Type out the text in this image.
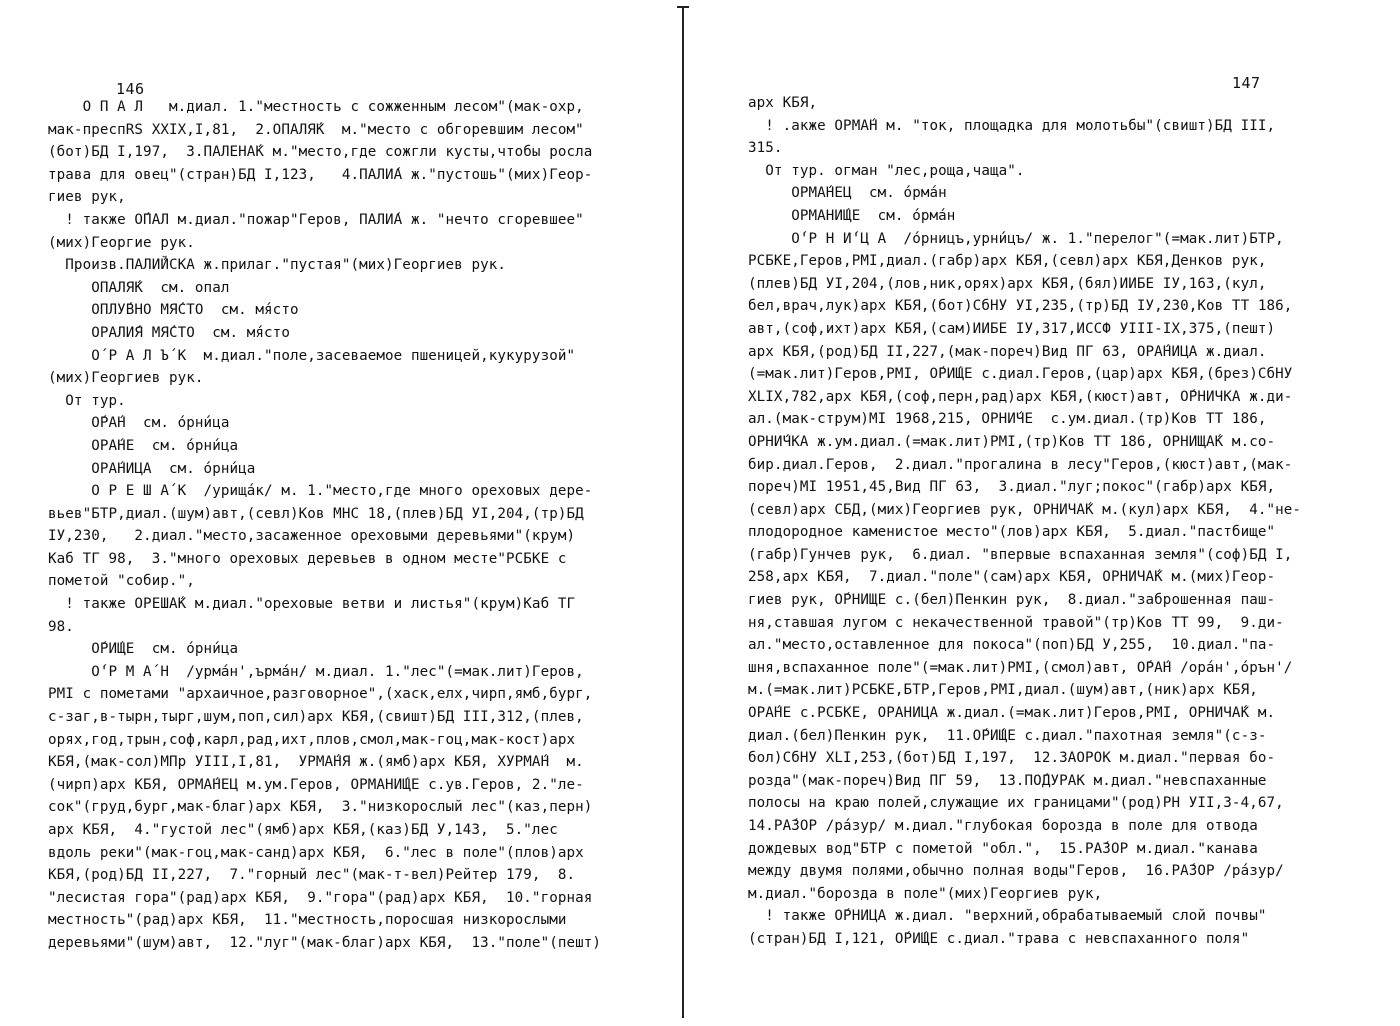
146
О П А Л   м.диал. 1."местность с сожженным лесом"(мак-охр,
мак-преспRS XXIX,I,81,  2.ОПАЛЯ́К  м."место с обгоревшим лесом"
(бот)БД I,197,  3.ПАЛЕНА́К м."место,где сожгли кусты,чтобы росла
трава для овец"(стран)БД I,123,   4.ПАЛИ́А ж."пустошь"(мих)Геор-
гиев рук,
! также О́ПАЛ м.диал."пожар"Геров, ПАЛИ́А ж. "нечто сгоревшее"
(мих)Георгие рук.
Произв.ПАЛИ́ЙСКА ж.прилаг."пустая"(мих)Георгиев рук.
ОПАЛЯ́К  см. опал
ОПЛУ́ВНО МЯ́СТО  см. мя́сто
ОРАЛИ́Я МЯ́СТО  см. мя́сто
О́ Р А Л Ъ́ К  м.диал."поле,засеваемое пшеницей,кукурузой"
(мих)Георгиев рук.
От тур.
О́РА́Н  см. о́рни́ца
ОРА́НЕ  см. о́рни́ца
ОРА́НИЦА  см. о́рни́ца
О Р Е Ш А́ К  /урища́к/ м. 1."место,где много ореховых дере-
вьев"БТР,диал.(шум)авт,(севл)Ков МНС 18,(плев)БД УI,204,(тр)БД
IУ,230,   2.диал."место,засаженное ореховыми деревьями"(крум)
Каб ТГ 98,  3."много ореховых деревьев в одном месте"РСБКЕ с
пометой "собир.",
! также ОРЕША́К м.диал."ореховые ветви и листья"(крум)Каб ТГ
98.
О́РИ́ЩЕ  см. о́рни́ца
О́'Р М А́ Н  /урма́н',ърма́н/ м.диал. 1."лес"(=мак.лит)Геров,
PMI с пометами "архаичное,разговорное",(хаск,елх,чирп,ямб,бург,
с-заг,в-тырн,тырг,шум,поп,сил)арх КБЯ,(свишт)БД III,312,(плев,
орях,год,трын,соф,карл,рад,ихт,плов,смол,мак-гоц,мак-кост)арх
КБЯ,(мак-сол)МПр УIII,I,81,  УРМА́НЯ ж.(ямб)арх КБЯ, ХУРМА́Н  м.
(чирп)арх КБЯ, ОРМА́НЕЦ м.ум.Геров, ОРМАНИ́ЩЕ с.ув.Геров, 2."ле-
сок"(груд,бург,мак-благ)арх КБЯ,  3."низкорослый лес"(каз,перн)
арх КБЯ,  4."густой лес"(ямб)арх КБЯ,(каз)БД У,143,  5."лес
вдоль реки"(мак-гоц,мак-санд)арх КБЯ,  6."лес в поле"(плов)арх
КБЯ,(род)БД II,227,  7."горный лес"(мак-т-вел)Рейтер 179,  8.
"лесистая гора"(рад)арх КБЯ,  9."гора"(рад)арх КБЯ,  10."горная
местность"(рад)арх КБЯ,  11."местность,поросшая низкорослыми
деревьями"(шум)авт,  12."луг"(мак-благ)арх КБЯ,  13."поле"(пешт)
147
арх КБЯ,
! .акже ОРМА́Н м. "ток, площадка для молотьбы"(свишт)БД III,
315.
От тур. огман "лес,роща,чаща".
ОРМА́НЕЦ  см. о́рма́н
ОРМАНИ́ЩЕ  см. о́рма́н
О́'Р Н И́'Ц А  /о́рницъ,урни́цъ/ ж. 1."перелог"(=мак.лит)БТР,
РСБКЕ,Геров,PMI,диал.(габр)арх КБЯ,(севл)арх КБЯ,Денков рук,
(плев)БД УI,204,(лов,ник,орях)арх КБЯ,(бял)ИИБЕ IУ,163,(кул,
бел,врач,лук)арх КБЯ,(бот)СбНУ УI,235,(тр)БД IУ,230,Ков ТТ 186,
авт,(соф,ихт)арх КБЯ,(сам)ИИБЕ IУ,317,ИССФ УIII-IX,375,(пешт)
арх КБЯ,(род)БД II,227,(мак-пореч)Вид ПГ 63, ОРА́НИЦА ж.диал.
(=мак.лит)Геров,PMI, О́РИ́ЩЕ с.диал.Геров,(цар)арх КБЯ,(брез)СбНУ
XLIX,782,арх КБЯ,(соф,перн,рад)арх КБЯ,(кюст)авт, О́РНИЧКА ж.ди-
ал.(мак-струм)MI 1968,215, ОРНИ́ЧЕ  с.ум.диал.(тр)Ков ТТ 186,
ОРНИ́ЧКА ж.ум.диал.(=мак.лит)PMI,(тр)Ков ТТ 186, ОРНИЩА́К м.со-
бир.диал.Геров,  2.диал."прогалина в лесу"Геров,(кюст)авт,(мак-
пореч)MI 1951,45,Вид ПГ 63,  3.диал."луг;покос"(габр)арх КБЯ,
(севл)арх СБД,(мих)Георгиев рук, ОРНИЧА́К м.(кул)арх КБЯ,  4."не-
плодородное каменистое место"(лов)арх КБЯ,  5.диал."пастбище"
(габр)Гунчев рук,  6.диал. "впервые вспаханная земля"(соф)БД I,
258,арх КБЯ,  7.диал."поле"(сам)арх КБЯ, ОРНИЧА́К м.(мих)Геор-
гиев рук, О́РНИЩЕ с.(бел)Пенкин рук,  8.диал."заброшенная паш-
ня,ставшая лугом с некачественной травой"(тр)Ков ТТ 99,  9.ди-
ал."место,оставленное для покоса"(поп)БД У,255,  10.диал."па-
шня,вспаханное поле"(=мак.лит)PMI,(смол)авт, О́РА́Н /ора́н',о́рън'/
м.(=мак.лит)РСБКЕ,БТР,Геров,PMI,диал.(шум)авт,(ник)арх КБЯ,
ОРА́НЕ с.РСБКЕ, ОРАНИЦА ж.диал.(=мак.лит)Геров,PMI, ОРНИЧА́К м.
диал.(бел)Пенкин рук,  11.О́РИ́ЩЕ с.диал."пахотная земля"(с-з-
бол)СбНУ XLI,253,(бот)БД I,197,  12.ЗАОРОК м.диал."первая бо-
розда"(мак-пореч)Вид ПГ 59,  13.ПО́ДУРАК м.диал."невспаханные
полосы на краю полей,служащие их границами"(род)РН УII,3-4,67,
14.РА́ЗОР /ра́зур/ м.диал."глубокая борозда в поле для отвода
дождевых вод"БТР с пометой "обл.",  15.РА́ЗОР м.диал."канава
между двумя полями,обычно полная воды"Геров,  16.РА́ЗОР /ра́зур/
м.диал."борозда в поле"(мих)Георгиев рук,
! также О́РНИЦА ж.диал. "верхний,обрабатываемый слой почвы"
(стран)БД I,121, О́РИ́ЩЕ с.диал."трава с невспаханного поля"
